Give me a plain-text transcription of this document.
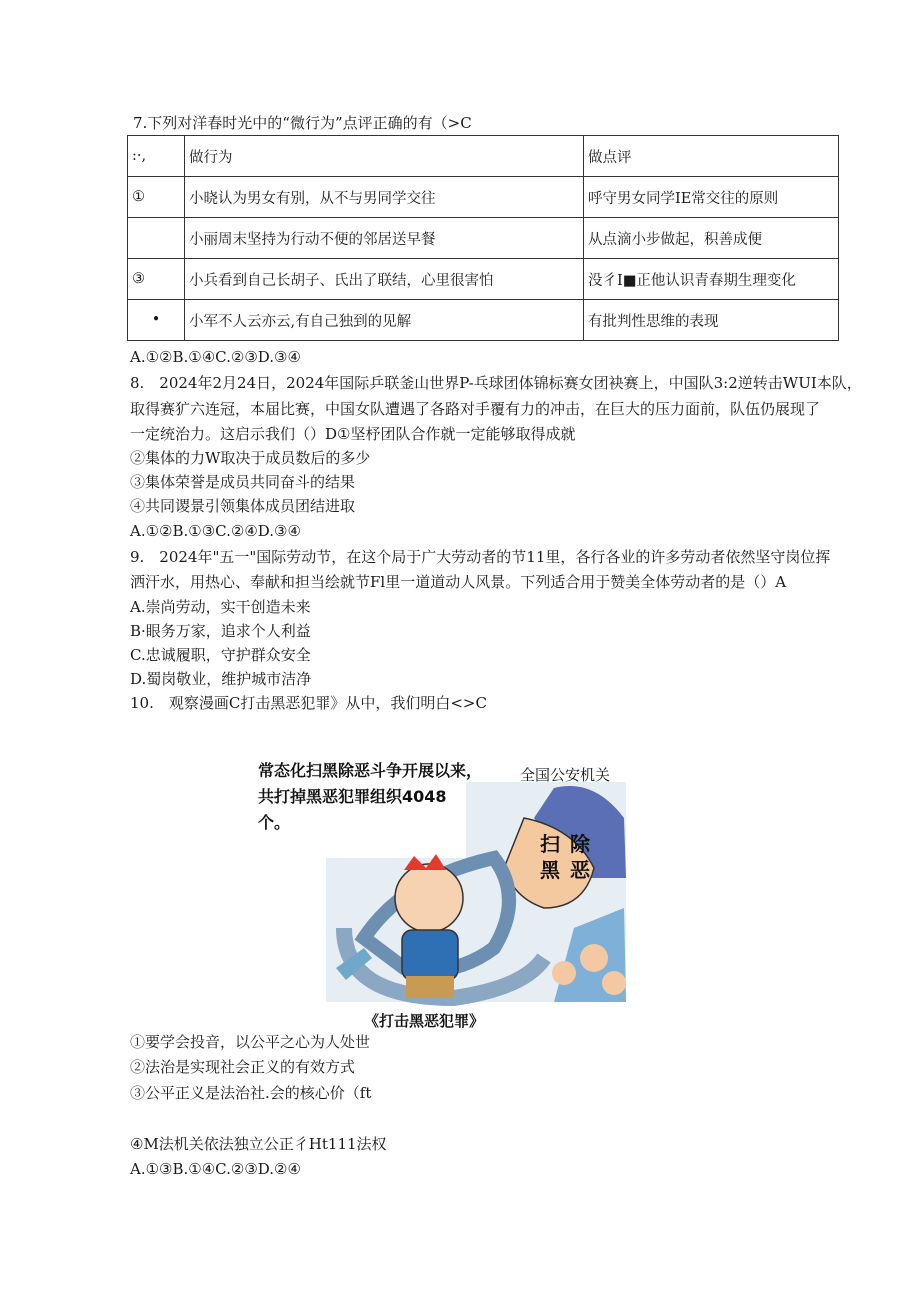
7.下列对洋春时光中的“微行为”点评正确的有（>C
:·,	做行为	做点评
①	小晓认为男女有别，从不与男同学交往	呼守男女同学IE常交往的原则
	小丽周末坚持为行动不便的邻居送早餐	从点滴小步做起，积善成便
③	小兵看到自己长胡子、氏出了联结，心里很害怕	没彳I■正他认识青春期生理变化
•	小军不人云亦云,有自己独到的见解	有批判性思维的表现
A.①②B.①④C.②③D.③④
8.　2024年2月24日，2024年国际乒联釜山世界P-乓球团体锦标赛女团袂赛上，中国队3:2逆转击WUI本队，
取得赛犷六连冠，本届比赛，中国女队遭遇了各路对手覆有力的冲击，在巨大的压力面前，队伍仍展现了
一定统治力。这启示我们（）D①坚杼团队合作就一定能够取得成就
②集体的力W取决于成员数后的多少
③集体荣誉是成员共同奋斗的结果
④共同谡景引领集体成员团结进取
A.①②B.①③C.②④D.③④
9.　2024年"五一"国际劳动节，在这个局于广大劳动者的节11里，各行各业的许多劳动者依然坚守岗位挥
洒汗水，用热心、奉献和担当绘就节Fl里一道道动人风景。下列适合用于赞美全体劳动者的是（）A
A.崇尚劳动，实干创造未来
B·眼务万家，追求个人利益
C.忠诚履职，守护群众安全
D.蜀岗敬业，维护城市洁净
10.　观察漫画C打击黑恶犯罪》从中，我们明白<>C
常态化扫黑除恶斗争开展以来，
共打掉黑恶犯罪组织4048
个。
全国公安机关
扫 除
黑 恶
《打击黑恶犯罪》
①要学会投音，以公平之心为人处世
②法治是实现社会正义的有效方式
③公平正义是法治社.会的核心价（ft
④M法机关依法独立公正彳Ht111法权
A.①③B.①④C.②③D.②④
